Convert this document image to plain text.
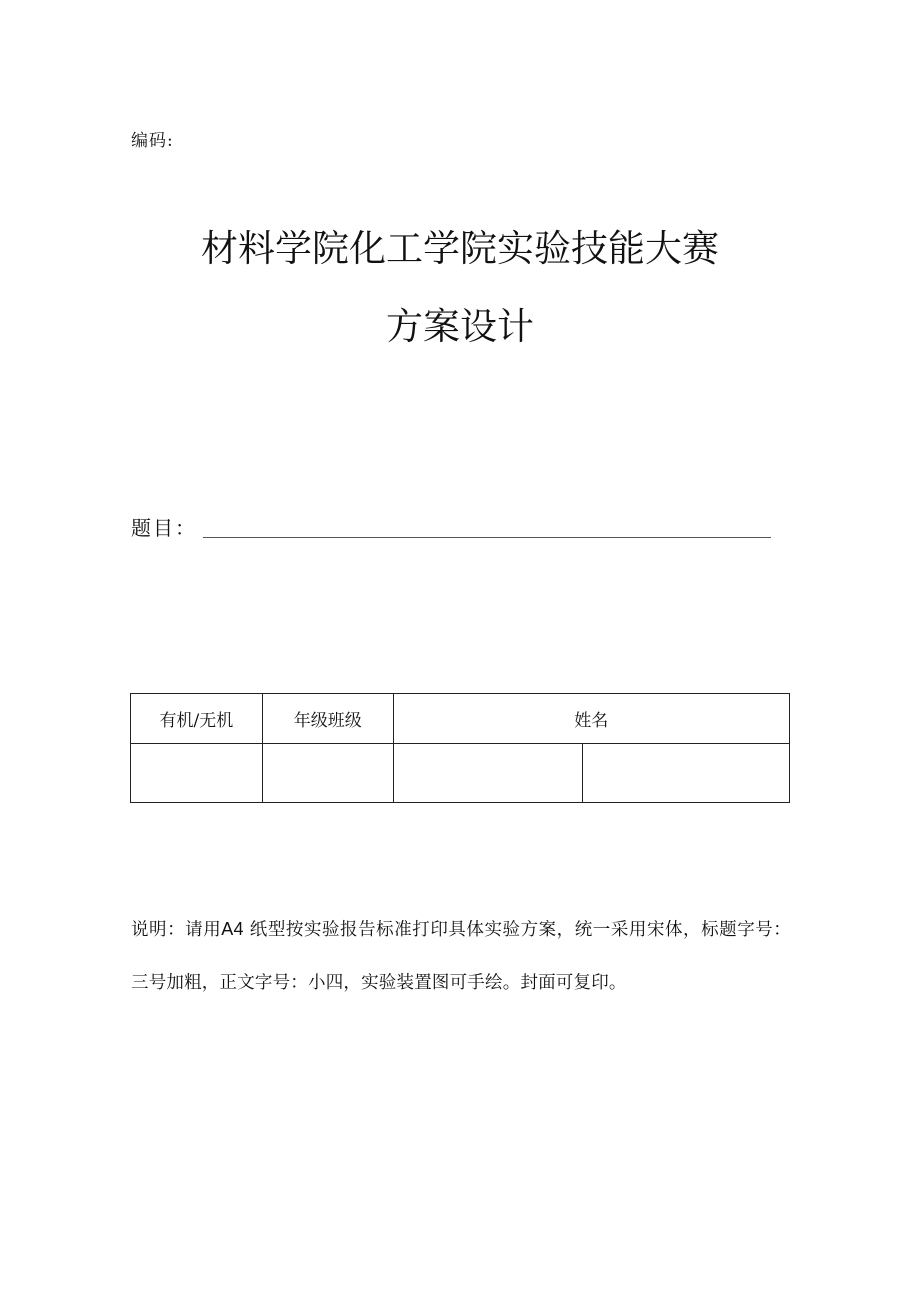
编码:
材料学院化工学院实验技能大赛
方案设计
题目：
有机/无机	年级班级	姓名	

说明：请用A4 纸型按实验报告标准打印具体实验方案，统一采用宋体，标题字号：三号加粗，正文字号：小四，实验装置图可手绘。封面可复印。
